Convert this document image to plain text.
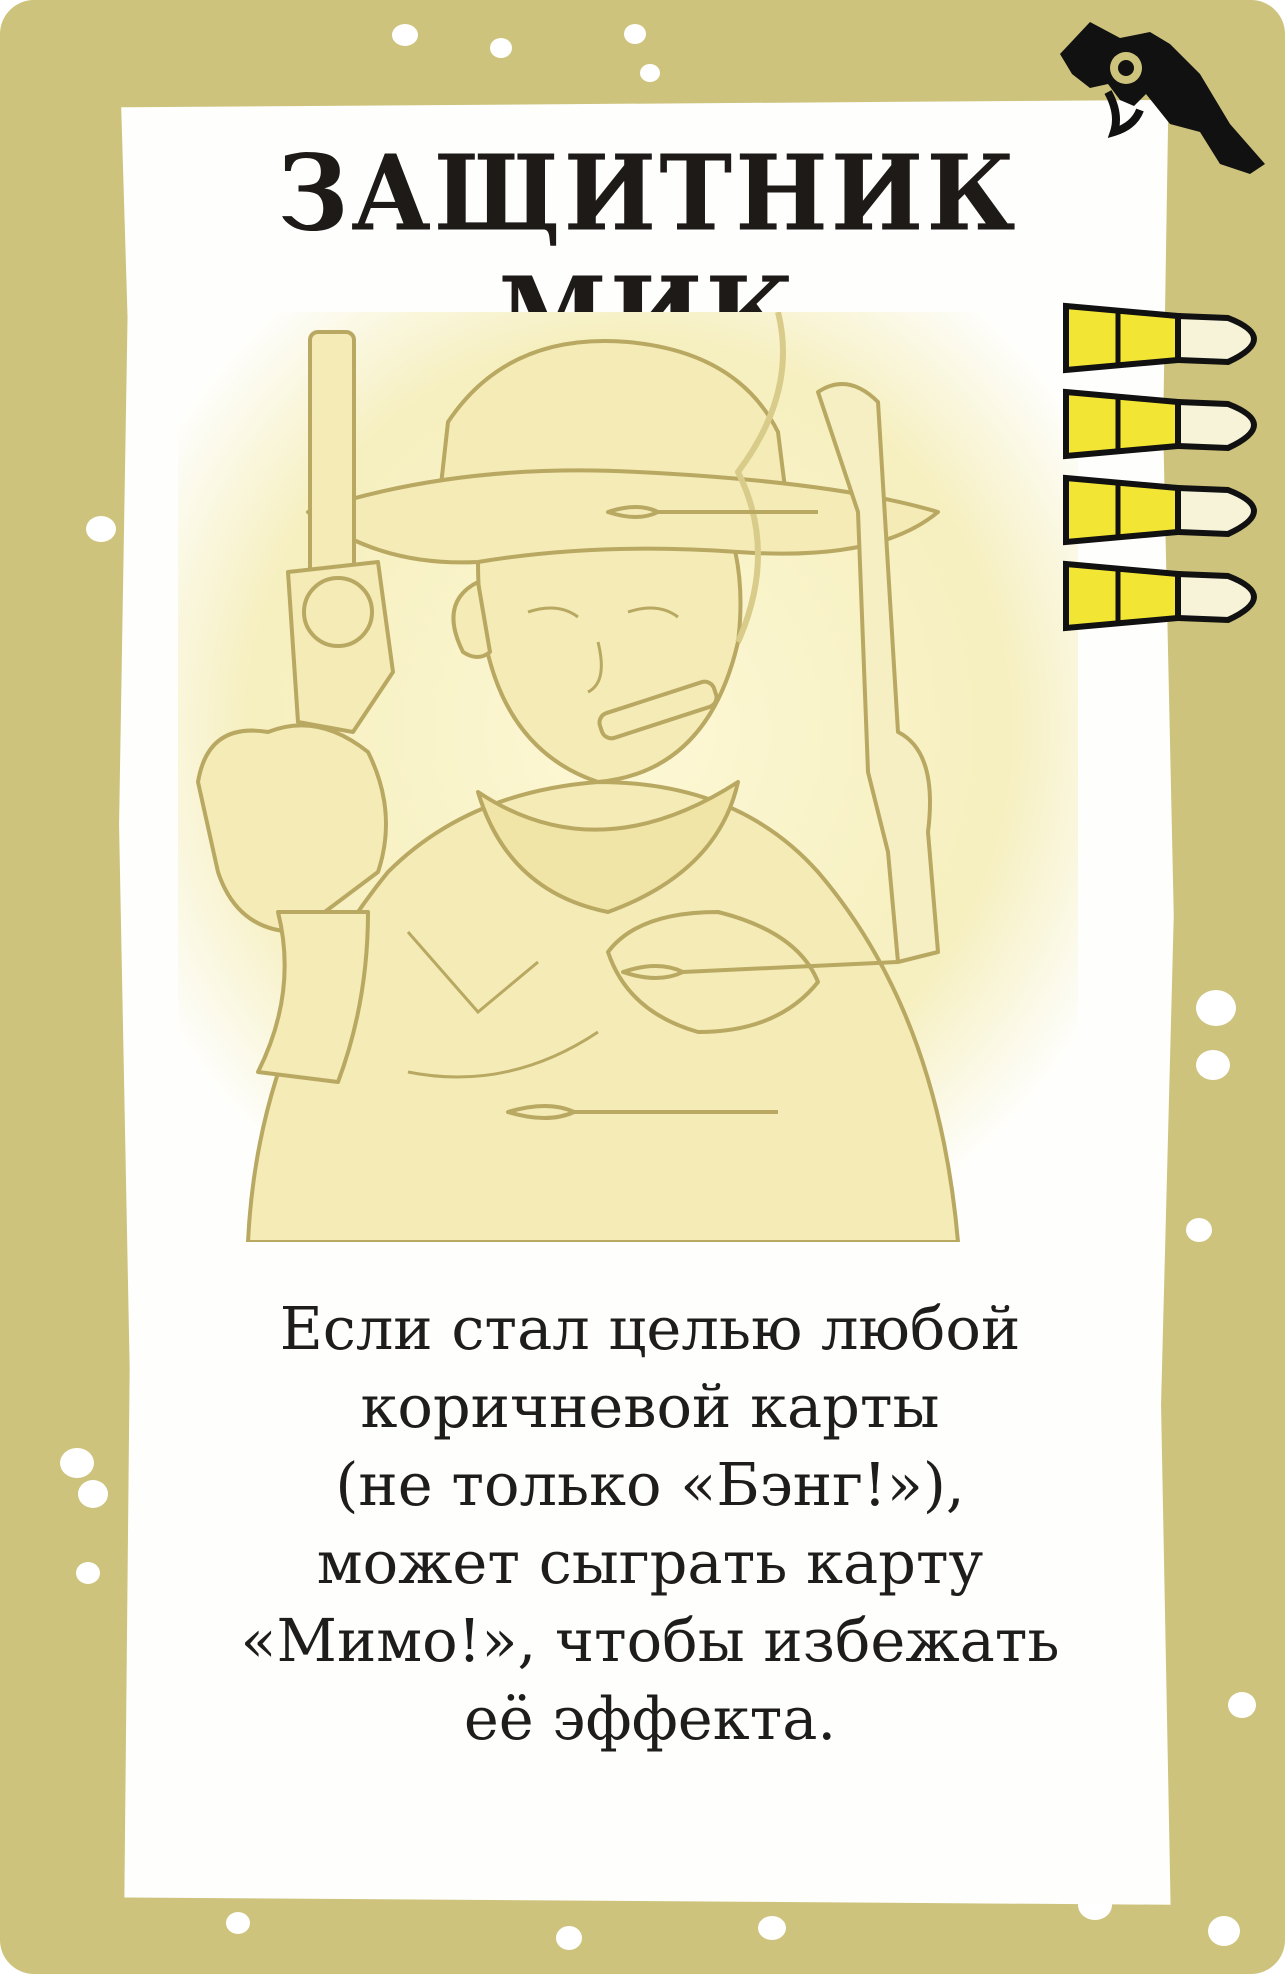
ЗАЩИТНИК
Если стал целью любой
коричневой карты
(не только «Бэнг!»),
может сыграть карту
«Мимо!», чтобы избежать
её эффекта.
